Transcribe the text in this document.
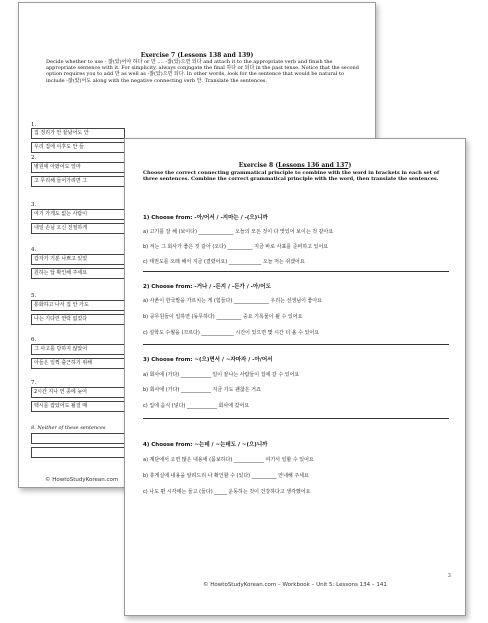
Exercise 7 (Lessons 138 and 139)
Decide whether to use - 잖(았)어야 하다 or 만 .... -잖(았)으면 되다 and attach it to the appropriate verb and finish the appropriate sentence with it. For simplicity, always conjugate the final 하다 or 되다 in the past tense. Notice that the second option requires you to add 만 as well as -잖(았)으면 되다. In other words, look for the sentence that would be natural to include -잖(았)어도 along with the negative connecting verb 안. Translate the sentences.
1.
집 정리가 안 끝났어도 안
우리 집에 이후도 안 들
2.
병원에 아팠어도 얼마
고 무리해 들어가려면 그
3.
여기 가게도 없는 사람이
내일 손님 오신 친절하게
4.
갑자기 기분 나쁘고 있었
원하는 답 확인해 주세요
5.
통화하고 나서 집 안 가도
나는 기다린 연락 없었다
6.
그 사고를 당하지 않았어
아들은 일찍 출근하기 위해
7.
2시간 지나 연 종에 늦어
택시를 잡았어도 될걸 때
8. Neither of these sentences
© HowtoStudyKorean.com
Exercise 8 (Lessons 136 and 137)
Choose the correct connecting grammatical principle to combine with the word in brackets in each set of three sentences. Combine the correct grammatical principle with the word, then translate the sentences.
1) Choose from: -아/어서 / -지마는 / -(으)니까
a) 고기를 잘 해 (보이다) ______________ 오늘의 모든 것이 다 맛있어 보이는 것 같아요
b) 저는 그 회사가 좋은 것 같아 (오다) __________ 지금 바로 사표를 준비하고 있어요
c) 태권도를 오래 해서 지금 (결렸어요) _____________ 오늘 저는 쉬겠어요
2) Choose from: -거나 / -든지 / -든가 / -아/어도
a) 사촌이 한국말을 가르치는 게 (힘들다) ______________ 우리는 선생님이 좋아요
b) 공무원들이 일하면 (동무하다) __________ 중요 기록물이 될 수 있어요
c) 설학도 수월을 (끄르다) _____________ 시간이 있으면 몇 시간 더 올 수 있어요
3) Choose from: ~(으)면서 / ~자마자 / -아/어서
a) 회사에 (가다) ____________ 일이 끝나는 사람들이 집에 갈 수 있어요
b) 회사에 (가다) ____________ 지금 가도 괜찮은 거죠
c) 입에 음식 (넣다) ____________ 회사에 갔어요
4) Choose from: ~는데 / ~는데도 / ~(으)니까
a) 계단에서 오면 많은 내용에 (몸보하다) ____________ 여기서 일할 수 있어요
b) 휴게실에 내용을 알려드리 나 확인할 수 (있다) __________ 안내해 주세요
c) 나도 편 시각에는 들고 (들다) _____ 운동하는 것이 건강하다고 생각했어요
3
© HowtoStudyKorean.com – Workbook – Unit 5: Lessons 134 – 141
